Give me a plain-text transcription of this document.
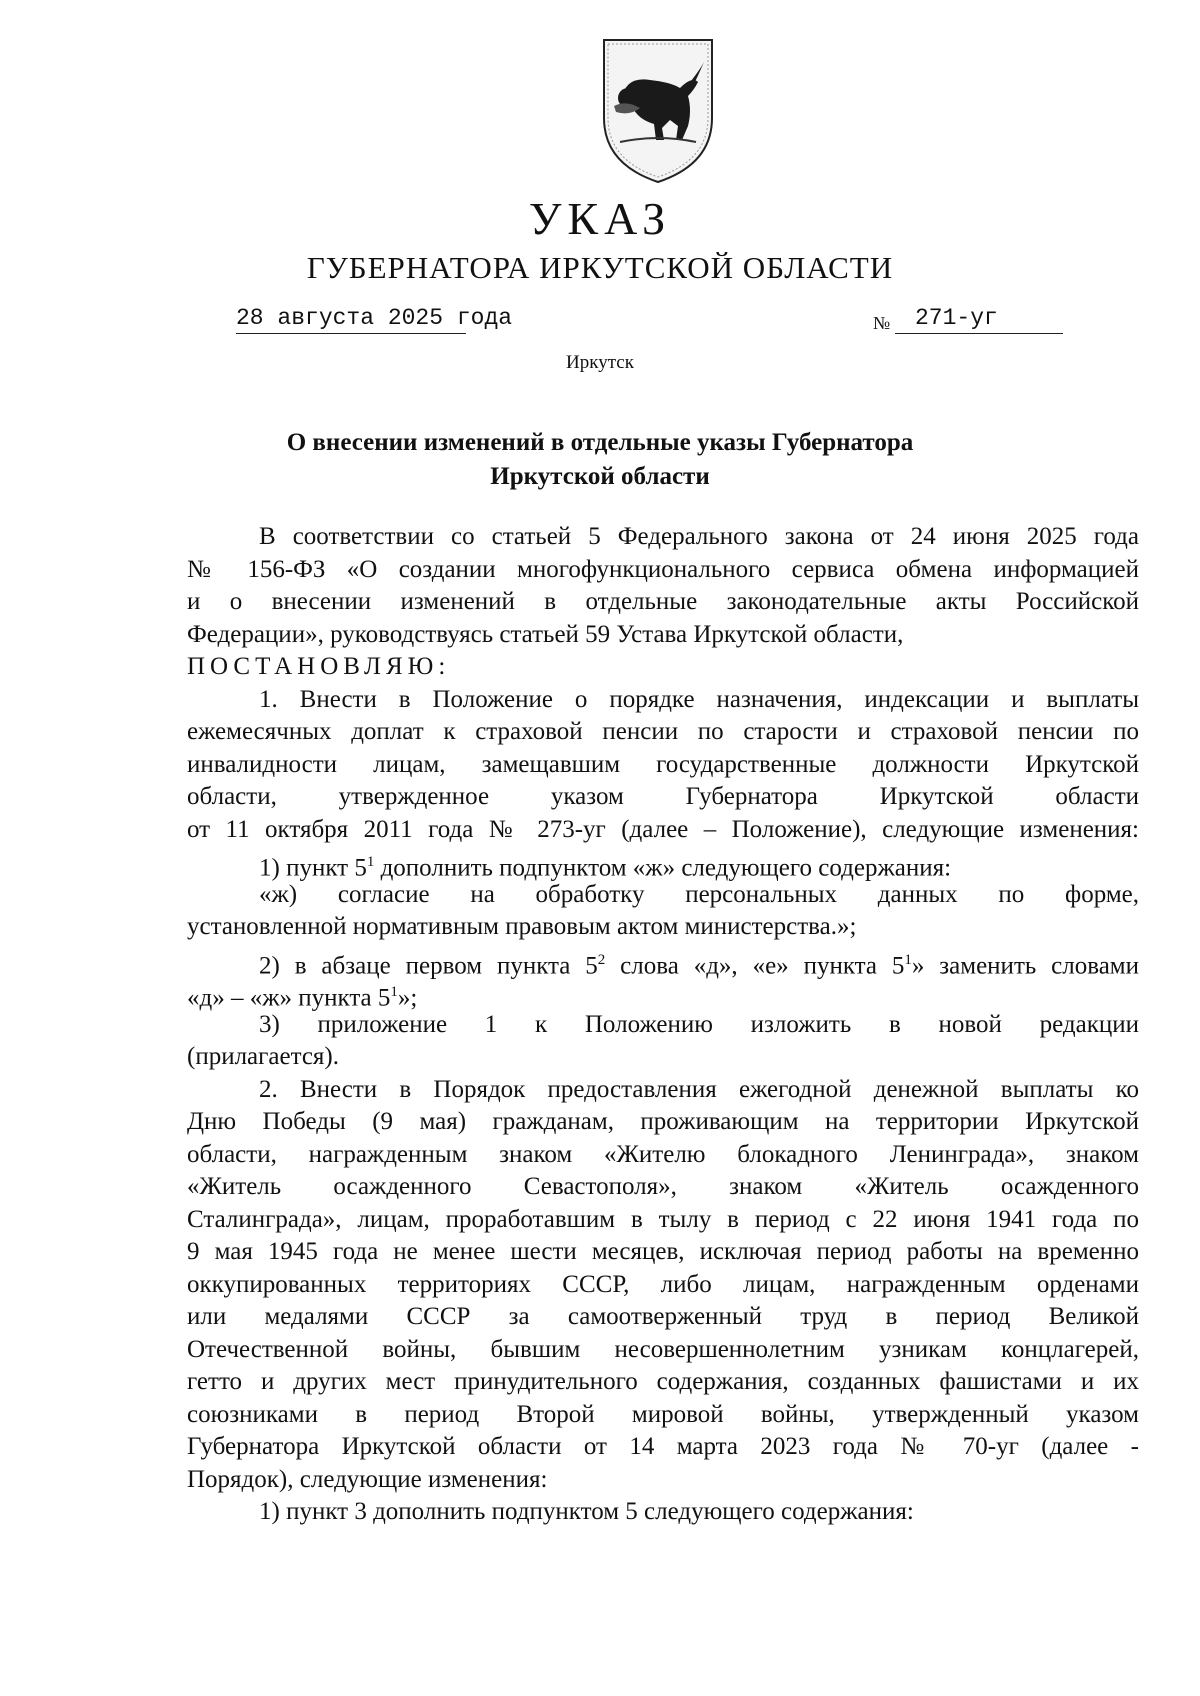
УКАЗ
ГУБЕРНАТОРА ИРКУТСКОЙ ОБЛАСТИ
28 августа 2025 года	№	271-уг
Иркутск
О внесении изменений в отдельные указы Губернатора
Иркутской области
В соответствии со статьей 5 Федерального закона от 24 июня 2025 года
№ 156-ФЗ «О создании многофункционального сервиса обмена информацией
и о внесении изменений в отдельные законодательные акты Российской
Федерации», руководствуясь статьей 59 Устава Иркутской области,
ПОСТАНОВЛЯЮ:
1. Внести в Положение о порядке назначения, индексации и выплаты
ежемесячных доплат к страховой пенсии по старости и страховой пенсии по
инвалидности лицам, замещавшим государственные должности Иркутской
области, утвержденное указом Губернатора Иркутской области
от 11 октября 2011 года № 273-уг (далее – Положение), следующие изменения:
1) пункт $5^1$ дополнить подпунктом «ж» следующего содержания:
«ж) согласие на обработку персональных данных по форме,
установленной нормативным правовым актом министерства.»;
2) в абзаце первом пункта $5^2$ слова «д», «е» пункта $5^1$» заменить словами
«д» – «ж» пункта $5^1$»;
3) приложение 1 к Положению изложить в новой редакции
(прилагается).
2. Внести в Порядок предоставления ежегодной денежной выплаты ко
Дню Победы (9 мая) гражданам, проживающим на территории Иркутской
области, награжденным знаком «Жителю блокадного Ленинграда», знаком
«Житель осажденного Севастополя», знаком «Житель осажденного
Сталинграда», лицам, проработавшим в тылу в период с 22 июня 1941 года по
9 мая 1945 года не менее шести месяцев, исключая период работы на временно
оккупированных территориях СССР, либо лицам, награжденным орденами
или медалями СССР за самоотверженный труд в период Великой
Отечественной войны, бывшим несовершеннолетним узникам концлагерей,
гетто и других мест принудительного содержания, созданных фашистами и их
союзниками в период Второй мировой войны, утвержденный указом
Губернатора Иркутской области от 14 марта 2023 года № 70-уг (далее -
Порядок), следующие изменения:
1) пункт 3 дополнить подпунктом 5 следующего содержания:
